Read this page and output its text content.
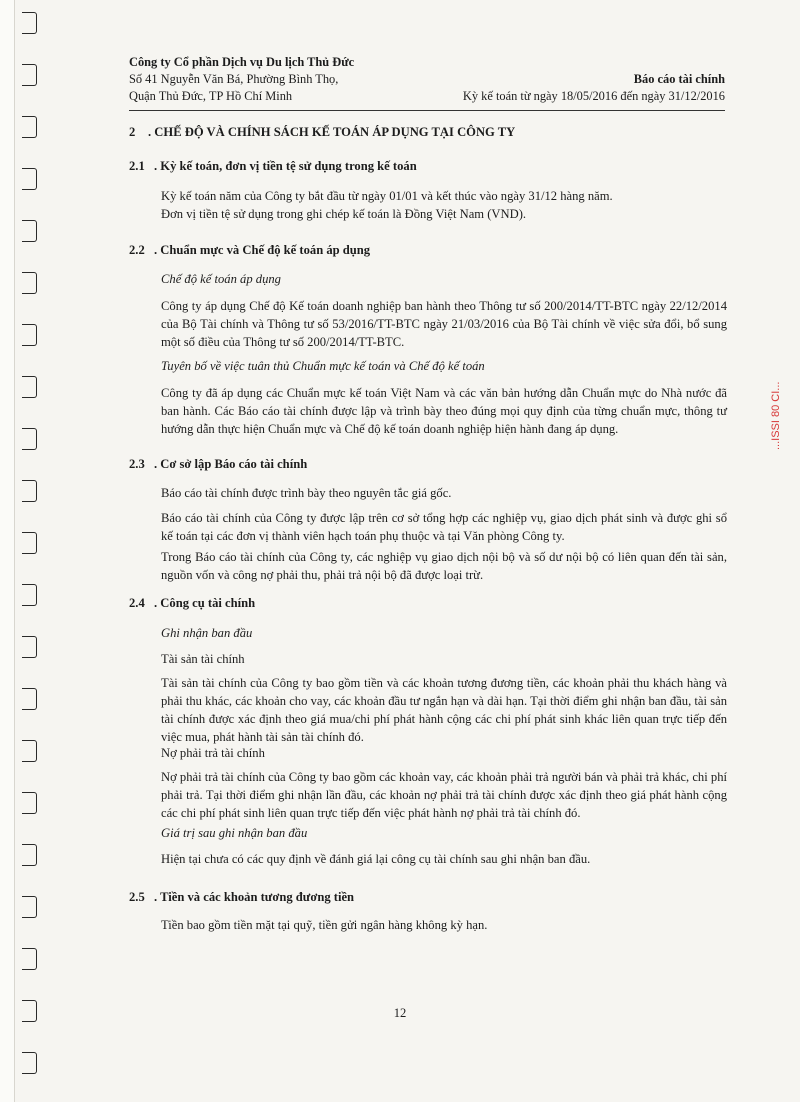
Công ty Cổ phần Dịch vụ Du lịch Thủ Đức
Số 41 Nguyễn Văn Bá, Phường Bình Thọ,
Quận Thủ Đức, TP Hồ Chí Minh
Báo cáo tài chính
Kỳ kế toán từ ngày 18/05/2016 đến ngày 31/12/2016
2 . CHẾ ĐỘ VÀ CHÍNH SÁCH KẾ TOÁN ÁP DỤNG TẠI CÔNG TY
2.1 . Kỳ kế toán, đơn vị tiền tệ sử dụng trong kế toán
Kỳ kế toán năm của Công ty bắt đầu từ ngày 01/01 và kết thúc vào ngày 31/12 hàng năm.
Đơn vị tiền tệ sử dụng trong ghi chép kế toán là Đồng Việt Nam (VND).
2.2 . Chuẩn mực và Chế độ kế toán áp dụng
Chế độ kế toán áp dụng
Công ty áp dụng Chế độ Kế toán doanh nghiệp ban hành theo Thông tư số 200/2014/TT-BTC ngày 22/12/2014 của Bộ Tài chính và Thông tư số 53/2016/TT-BTC ngày 21/03/2016 của Bộ Tài chính về việc sửa đổi, bổ sung một số điều của Thông tư số 200/2014/TT-BTC.
Tuyên bố về việc tuân thủ Chuẩn mực kế toán và Chế độ kế toán
Công ty đã áp dụng các Chuẩn mực kế toán Việt Nam và các văn bản hướng dẫn Chuẩn mực do Nhà nước đã ban hành. Các Báo cáo tài chính được lập và trình bày theo đúng mọi quy định của từng chuẩn mực, thông tư hướng dẫn thực hiện Chuẩn mực và Chế độ kế toán doanh nghiệp hiện hành đang áp dụng.
2.3 . Cơ sở lập Báo cáo tài chính
Báo cáo tài chính được trình bày theo nguyên tắc giá gốc.
Báo cáo tài chính của Công ty được lập trên cơ sở tổng hợp các nghiệp vụ, giao dịch phát sinh và được ghi sổ kế toán tại các đơn vị thành viên hạch toán phụ thuộc và tại Văn phòng Công ty.
Trong Báo cáo tài chính của Công ty, các nghiệp vụ giao dịch nội bộ và số dư nội bộ có liên quan đến tài sản, nguồn vốn và công nợ phải thu, phải trả nội bộ đã được loại trừ.
2.4 . Công cụ tài chính
Ghi nhận ban đầu
Tài sản tài chính
Tài sản tài chính của Công ty bao gồm tiền và các khoản tương đương tiền, các khoản phải thu khách hàng và phải thu khác, các khoản cho vay, các khoản đầu tư ngắn hạn và dài hạn. Tại thời điểm ghi nhận ban đầu, tài sản tài chính được xác định theo giá mua/chi phí phát hành cộng các chi phí phát sinh khác liên quan trực tiếp đến việc mua, phát hành tài sản tài chính đó.
Nợ phải trả tài chính
Nợ phải trả tài chính của Công ty bao gồm các khoản vay, các khoản phải trả người bán và phải trả khác, chi phí phải trả. Tại thời điểm ghi nhận lần đầu, các khoản nợ phải trả tài chính được xác định theo giá phát hành cộng các chi phí phát sinh liên quan trực tiếp đến việc phát hành nợ phải trả tài chính đó.
Giá trị sau ghi nhận ban đầu
Hiện tại chưa có các quy định về đánh giá lại công cụ tài chính sau ghi nhận ban đầu.
2.5 . Tiền và các khoản tương đương tiền
Tiền bao gồm tiền mặt tại quỹ, tiền gửi ngân hàng không kỳ hạn.
12
...ISSI 80 CI...
